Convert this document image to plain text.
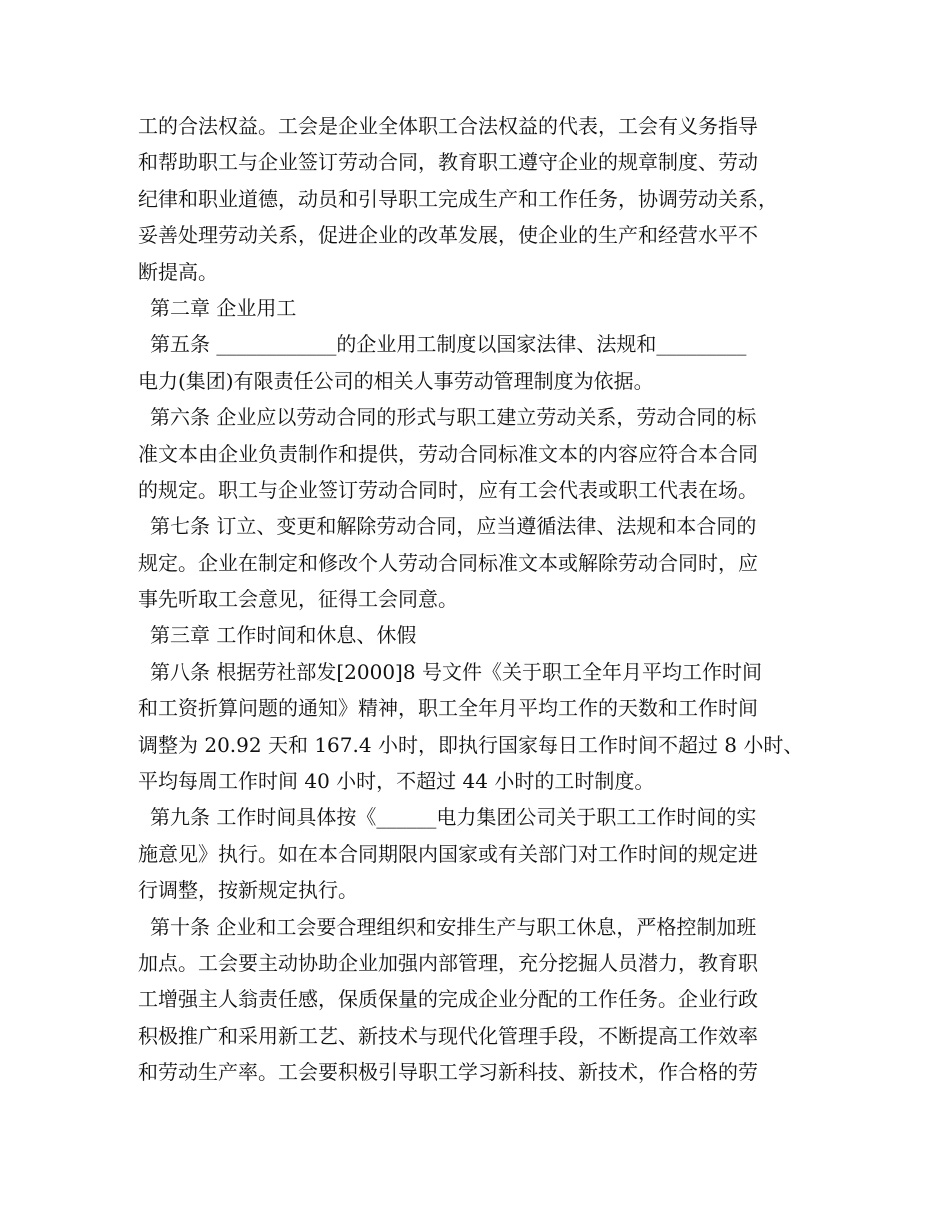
工的合法权益。工会是企业全体职工合法权益的代表，工会有义务指导
和帮助职工与企业签订劳动合同，教育职工遵守企业的规章制度、劳动
纪律和职业道德，动员和引导职工完成生产和工作任务，协调劳动关系，
妥善处理劳动关系，促进企业的改革发展，使企业的生产和经营水平不
断提高。
第二章 企业用工
第五条 ____________的企业用工制度以国家法律、法规和_________
电力(集团)有限责任公司的相关人事劳动管理制度为依据。
第六条 企业应以劳动合同的形式与职工建立劳动关系，劳动合同的标
准文本由企业负责制作和提供，劳动合同标准文本的内容应符合本合同
的规定。职工与企业签订劳动合同时，应有工会代表或职工代表在场。
第七条 订立、变更和解除劳动合同，应当遵循法律、法规和本合同的
规定。企业在制定和修改个人劳动合同标准文本或解除劳动合同时，应
事先听取工会意见，征得工会同意。
第三章 工作时间和休息、休假
第八条 根据劳社部发[2000]8 号文件《关于职工全年月平均工作时间
和工资折算问题的通知》精神，职工全年月平均工作的天数和工作时间
调整为 20.92 天和 167.4 小时，即执行国家每日工作时间不超过 8 小时、
平均每周工作时间 40 小时，不超过 44 小时的工时制度。
第九条 工作时间具体按《______电力集团公司关于职工工作时间的实
施意见》执行。如在本合同期限内国家或有关部门对工作时间的规定进
行调整，按新规定执行。
第十条 企业和工会要合理组织和安排生产与职工休息，严格控制加班
加点。工会要主动协助企业加强内部管理，充分挖掘人员潜力，教育职
工增强主人翁责任感，保质保量的完成企业分配的工作任务。企业行政
积极推广和采用新工艺、新技术与现代化管理手段，不断提高工作效率
和劳动生产率。工会要积极引导职工学习新科技、新技术，作合格的劳
